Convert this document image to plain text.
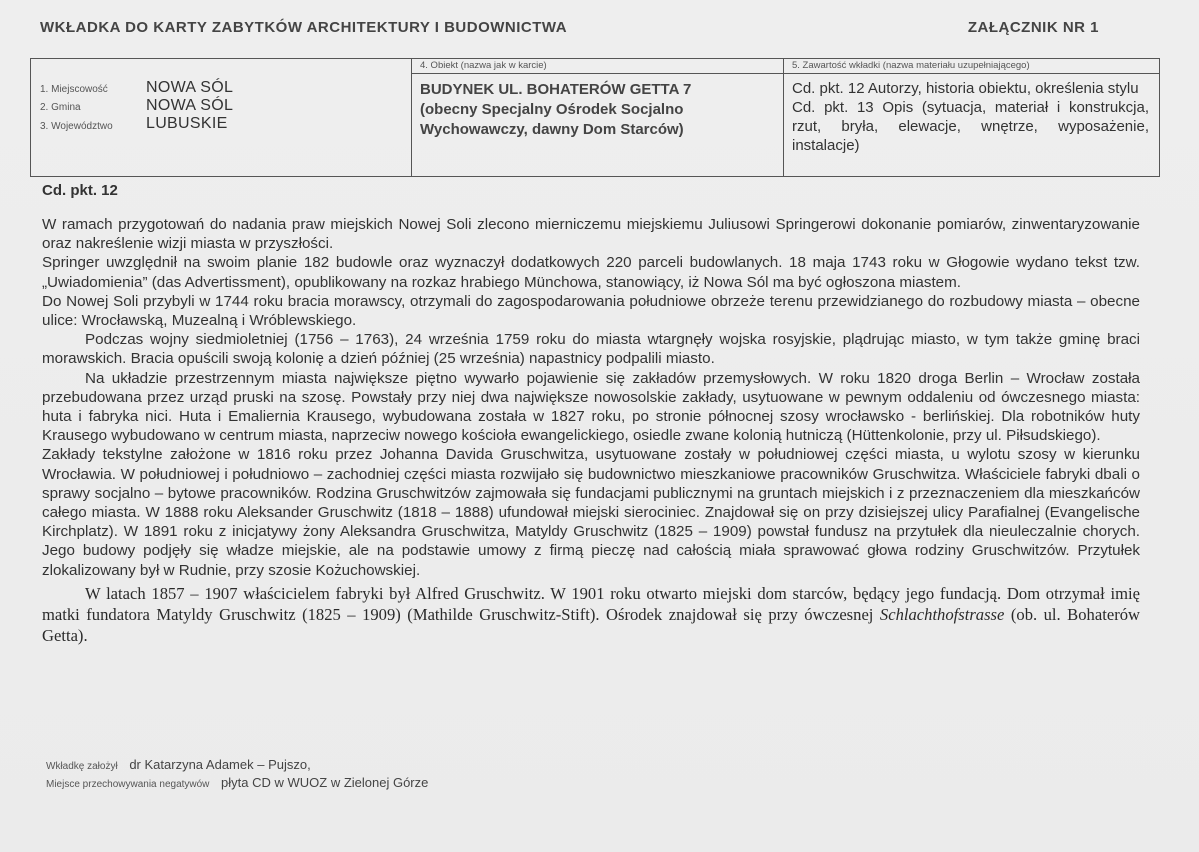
WKŁADKA DO KARTY ZABYTKÓW ARCHITEKTURY I BUDOWNICTWA	ZAŁĄCZNIK NR 1
1. Miejscowość NOWA SÓL
2. Gmina	NOWA SÓL
3. Województwo LUBUSKIE
4. Obiekt (nazwa jak w karcie)
BUDYNEK UL. BOHATERÓW GETTA 7
(obecny Specjalny Ośrodek Socjalno Wychowawczy, dawny Dom Starców)
5. Zawartość wkładki (nazwa materiału uzupełniającego)
Cd. pkt. 12 Autorzy, historia obiektu, określenia stylu
Cd. pkt. 13 Opis (sytuacja, materiał i konstrukcja, rzut, bryła, elewacje, wnętrze, wyposażenie, instalacje)
Cd. pkt. 12

W ramach przygotowań do nadania praw miejskich Nowej Soli zlecono mierniczemu miejskiemu Juliusowi Springerowi dokonanie pomiarów, zinwentaryzowanie oraz nakreślenie wizji miasta w przyszłości.

Springer uwzględnił na swoim planie 182 budowle oraz wyznaczył dodatkowych 220 parceli budowlanych. 18 maja 1743 roku w Głogowie wydano tekst tzw. „Uwiadomienia” (das Advertissment), opublikowany na rozkaz hrabiego Münchowa, stanowiący, iż Nowa Sól ma być ogłoszona miastem.

Do Nowej Soli przybyli w 1744 roku bracia morawscy, otrzymali do zagospodarowania południowe obrzeże terenu przewidzianego do rozbudowy miasta – obecne ulice: Wrocławską, Muzealną i Wróblewskiego.

Podczas wojny siedmioletniej (1756 – 1763), 24 września 1759 roku do miasta wtargnęły wojska rosyjskie, plądrując miasto, w tym także gminę braci morawskich. Bracia opuścili swoją kolonię a dzień później (25 września) napastnicy podpalili miasto.

Na układzie przestrzennym miasta największe piętno wywarło pojawienie się zakładów przemysłowych. W roku 1820 droga Berlin – Wrocław została przebudowana przez urząd pruski na szosę. Powstały przy niej dwa największe nowosolskie zakłady, usytuowane w pewnym oddaleniu od ówczesnego miasta: huta i fabryka nici. Huta i Emaliernia Krausego, wybudowana została w 1827 roku, po stronie północnej szosy wrocławsko - berlińskiej. Dla robotników huty Krausego wybudowano w centrum miasta, naprzeciw nowego kościoła ewangelickiego, osiedle zwane kolonią hutniczą (Hüttenkolonie, przy ul. Piłsudskiego).

Zakłady tekstylne założone w 1816 roku przez Johanna Davida Gruschwitza, usytuowane zostały w południowej części miasta, u wylotu szosy w kierunku Wrocławia. W południowej i południowo – zachodniej części miasta rozwijało się budownictwo mieszkaniowe pracowników Gruschwitza. Właściciele fabryki dbali o sprawy socjalno – bytowe pracowników. Rodzina Gruschwitzów zajmowała się fundacjami publicznymi na gruntach miejskich i z przeznaczeniem dla mieszkańców całego miasta. W 1888 roku Aleksander Gruschwitz (1818 – 1888) ufundował miejski sierociniec. Znajdował się on przy dzisiejszej ulicy Parafialnej (Evangelische Kirchplatz). W 1891 roku z inicjatywy żony Aleksandra Gruschwitza, Matyldy Gruschwitz (1825 – 1909) powstał fundusz na przytułek dla nieuleczalnie chorych. Jego budowy podjęły się władze miejskie, ale na podstawie umowy z firmą pieczę nad całością miała sprawować głowa rodziny Gruschwitzów. Przytułek zlokalizowany był w Rudnie, przy szosie Kożuchowskiej.

W latach 1857 – 1907 właścicielem fabryki był Alfred Gruschwitz. W 1901 roku otwarto miejski dom starców, będący jego fundacją. Dom otrzymał imię matki fundatora Matyldy Gruschwitz (1825 – 1909) (Mathilde Gruschwitz-Stift). Ośrodek znajdował się przy ówczesnej Schlachthofstrasse (ob. ul. Bohaterów Getta).

Wkładkę założył dr Katarzyna Adamek – Pujszo,
Miejsce przechowywania negatywów płyta CD w WUOZ w Zielonej Górze
